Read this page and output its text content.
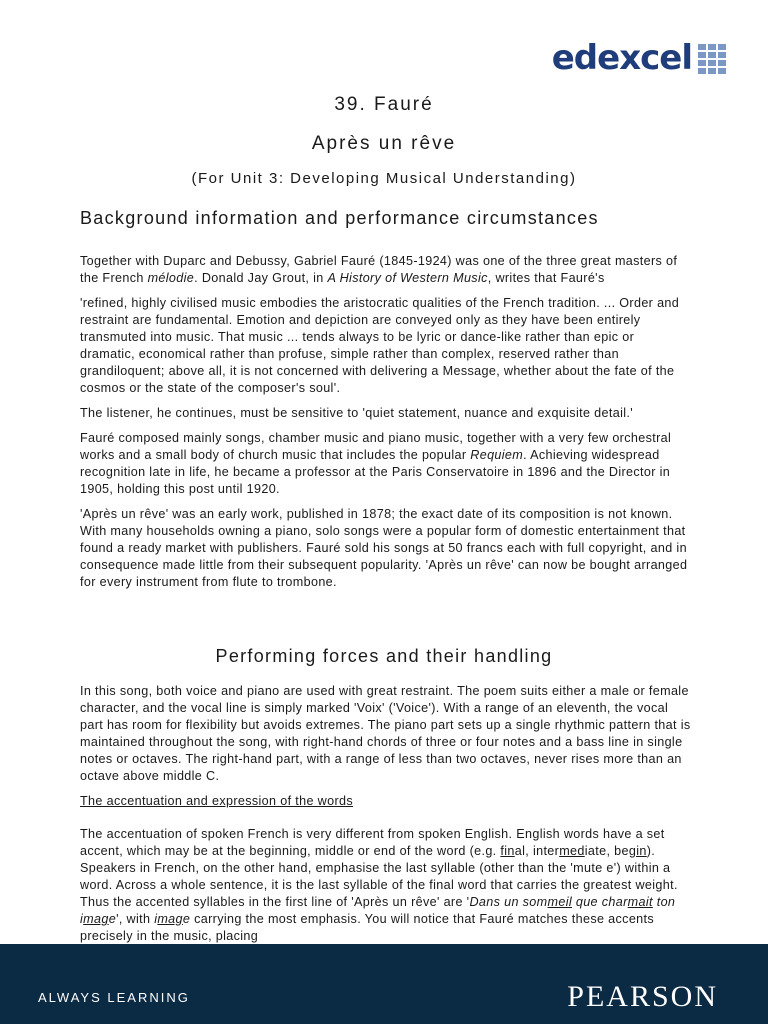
edexcel
39. Fauré
Après un rêve
(For Unit 3: Developing Musical Understanding)
Background information and performance circumstances

Together with Duparc and Debussy, Gabriel Fauré (1845-1924) was one of the three great masters of the French mélodie. Donald Jay Grout, in A History of Western Music, writes that Fauré's

'refined, highly civilised music embodies the aristocratic qualities of the French tradition. ... Order and restraint are fundamental. Emotion and depiction are conveyed only as they have been entirely transmuted into music. That music ... tends always to be lyric or dance-like rather than epic or dramatic, economical rather than profuse, simple rather than complex, reserved rather than grandiloquent; above all, it is not concerned with delivering a Message, whether about the fate of the cosmos or the state of the composer's soul'.

The listener, he continues, must be sensitive to 'quiet statement, nuance and exquisite detail.'

Fauré composed mainly songs, chamber music and piano music, together with a very few orchestral works and a small body of church music that includes the popular Requiem. Achieving widespread recognition late in life, he became a professor at the Paris Conservatoire in 1896 and the Director in 1905, holding this post until 1920.

'Après un rêve' was an early work, published in 1878; the exact date of its composition is not known. With many households owning a piano, solo songs were a popular form of domestic entertainment that found a ready market with publishers. Fauré sold his songs at 50 francs each with full copyright, and in consequence made little from their subsequent popularity. 'Après un rêve' can now be bought arranged for every instrument from flute to trombone.

Performing forces and their handling

In this song, both voice and piano are used with great restraint. The poem suits either a male or female character, and the vocal line is simply marked 'Voix' ('Voice'). With a range of an eleventh, the vocal part has room for flexibility but avoids extremes. The piano part sets up a single rhythmic pattern that is maintained throughout the song, with right-hand chords of three or four notes and a bass line in single notes or octaves. The right-hand part, with a range of less than two octaves, never rises more than an octave above middle C.

The accentuation and expression of the words

The accentuation of spoken French is very different from spoken English. English words have a set accent, which may be at the beginning, middle or end of the word (e.g. final, intermediate, begin). Speakers in French, on the other hand, emphasise the last syllable (other than the 'mute e') within a word. Across a whole sentence, it is the last syllable of the final word that carries the greatest weight. Thus the accented syllables in the first line of 'Après un rêve' are 'Dans un sommeil que charmait ton image', with image carrying the most emphasis. You will notice that Fauré matches these accents precisely in the music, placing

ALWAYS LEARNING	PEARSON
